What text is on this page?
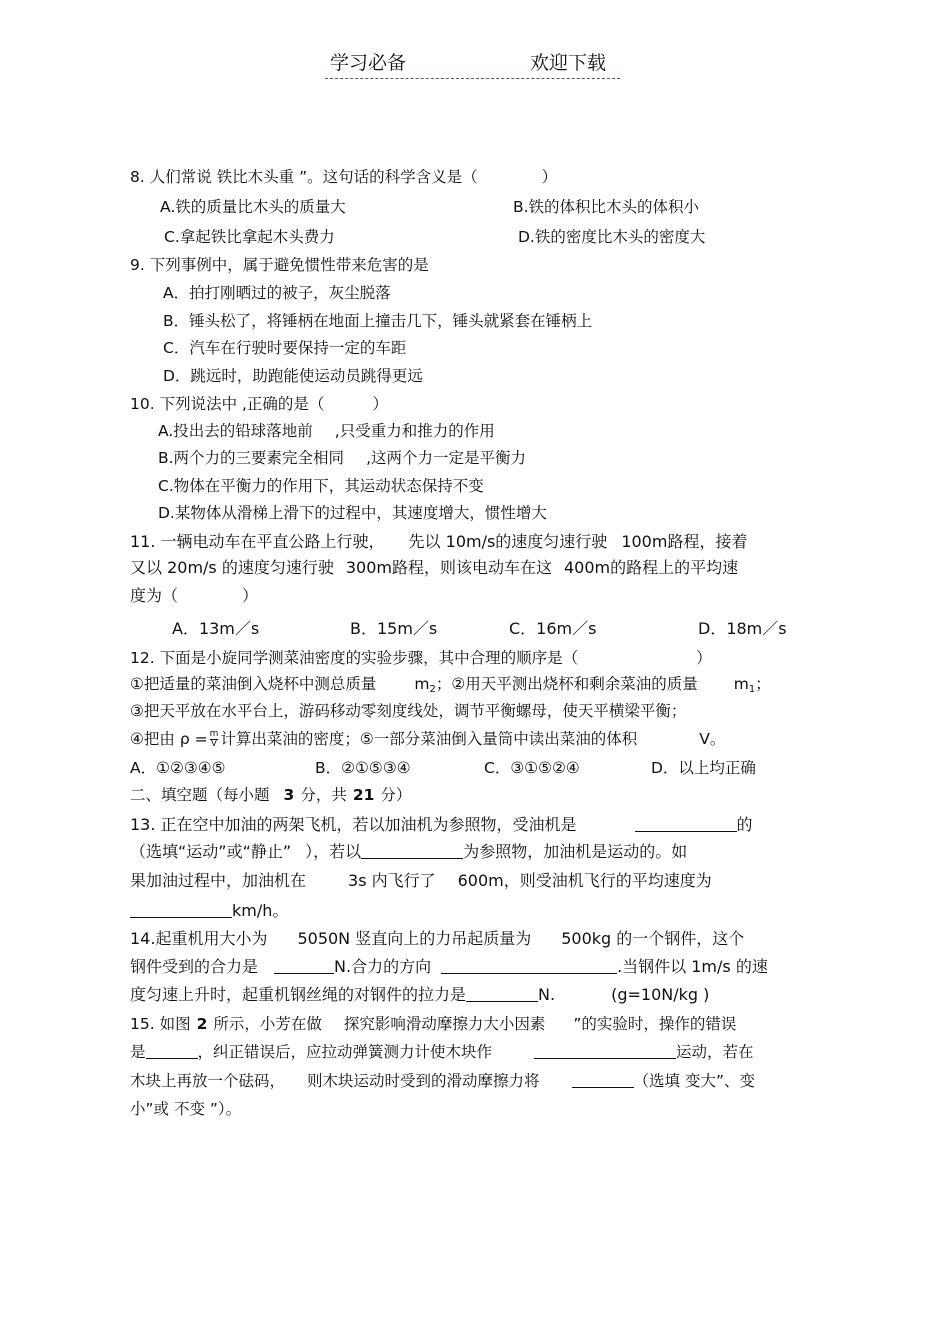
学习必备	欢迎下载
8. 人们常说 铁比木头重 ”。这句话的科学含义是（	）
A.铁的质量比木头的质量大	B.铁的体积比木头的体积小
C.拿起铁比拿起木头费力	D.铁的密度比木头的密度大
9. 下列事例中，属于避免惯性带来危害的是
A．拍打刚晒过的被子，灰尘脱落
B．锤头松了，将锤柄在地面上撞击几下，锤头就紧套在锤柄上
C．汽车在行驶时要保持一定的车距
D．跳远时，助跑能使运动员跳得更远
10. 下列说法中 ,正确的是（	）
A.投出去的铅球落地前 ,只受重力和推力的作用
B.两个力的三要素完全相同 ,这两个力一定是平衡力
C.物体在平衡力的作用下，其运动状态保持不变
D.某物体从滑梯上滑下的过程中，其速度增大，惯性增大
11. 一辆电动车在平直公路上行驶， 先以 10m/s的速度匀速行驶 100m路程，接着
又以 20m/s 的速度匀速行驶 300m路程，则该电动车在这 400m的路程上的平均速
度为（	）
A．13m／s	B．15m／s	C．16m／s	D．18m／s
12. 下面是小旋同学测菜油密度的实验步骤，其中合理的顺序是（	）
①把适量的菜油倒入烧杯中测总质量 $m_2$；②用天平测出烧杯和剩余菜油的质量 $m_1$；
③把天平放在水平台上，游码移动零刻度线处，调节平衡螺母，使天平横梁平衡；
④把由 $\rho = \frac{m}{V}$ 计算出菜油的密度；⑤一部分菜油倒入量筒中读出菜油的体积	V。
A．①②③④⑤	B．②①⑤③④	C．③①⑤②④	D．以上均正确
二、填空题（每小题 3 分，共 21 分）
13. 正在空中加油的两架飞机，若以加油机为参照物，受油机是	的
（选填“运动”或“静止” ），若以	为参照物，加油机是运动的。如
果加油过程中，加油机在	3s 内飞行了 600m，则受油机飞行的平均速度为
km/h。
14.起重机用大小为 5050N 竖直向上的力吊起质量为 500kg 的一个钢件，这个
钢件受到的合力是	N.合力的方向	.当钢件以 1m/s 的速
度匀速上升时，起重机钢丝绳的对钢件的拉力是	N.	(g=10N/kg )
15. 如图 2 所示，小芳在做 探究影响滑动摩擦力大小因素 ”的实验时，操作的错误
是	，纠正错误后，应拉动弹簧测力计使木块作	运动，若在
木块上再放一个砝码， 则木块运动时受到的滑动摩擦力将	（选填 变大”、变
小”或 不变 ”）。
